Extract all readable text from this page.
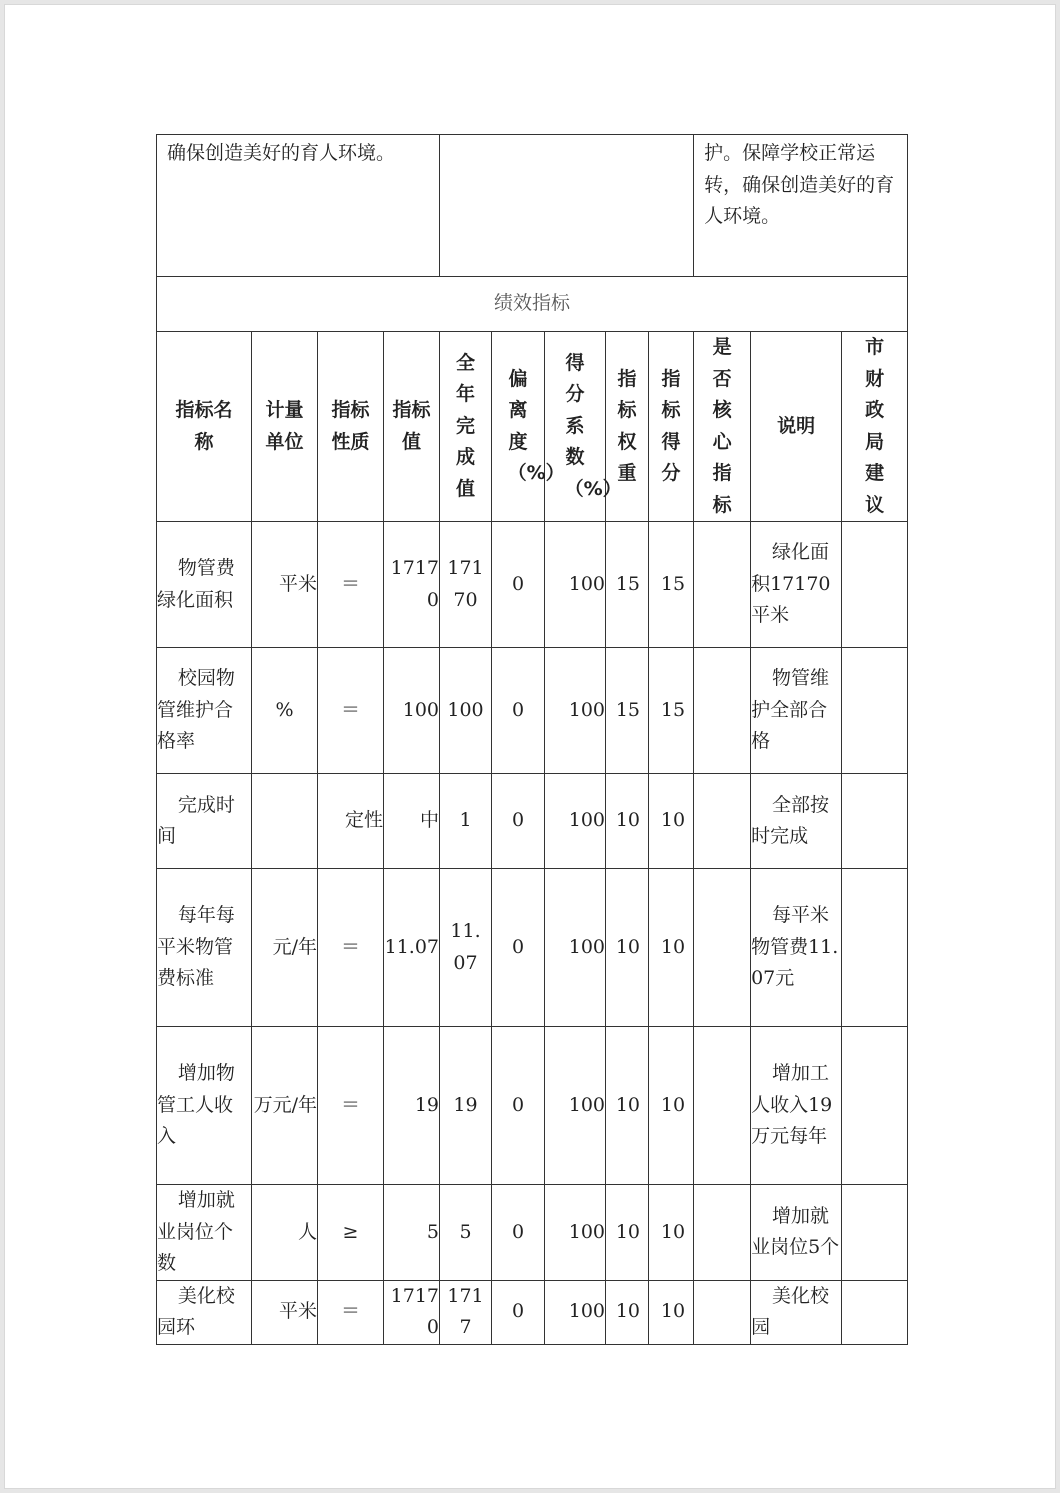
确保创造美好的育人环境。									护。保障学校正常运转，确保创造美好的育人环境。		
绩效指标											
指标名称	计量单位	指标性质	指标值	全年完成值	偏离度（%）	得分系数（%）	指标权重	指标得分	是否核心指标	说明	市财政局建议
物管费绿化面积	平米	＝	17170	17170	0	100	15	15		绿化面积17170平米	
校园物管维护合格率	%	＝	100	100	0	100	15	15		物管维护全部合格	
完成时间		定性	中	1	0	100	10	10		全部按时完成	
每年每平米物管费标准	元/年	＝	11.07	11.07	0	100	10	10		每平米物管费11.07元	
增加物管工人收入	万元/年	＝	19	19	0	100	10	10		增加工人收入19万元每年	
增加就业岗位个数	人	≥	5	5	0	100	10	10		增加就业岗位5个	
美化校园环	平米	＝	17170	1717	0	100	10	10		美化校园	
